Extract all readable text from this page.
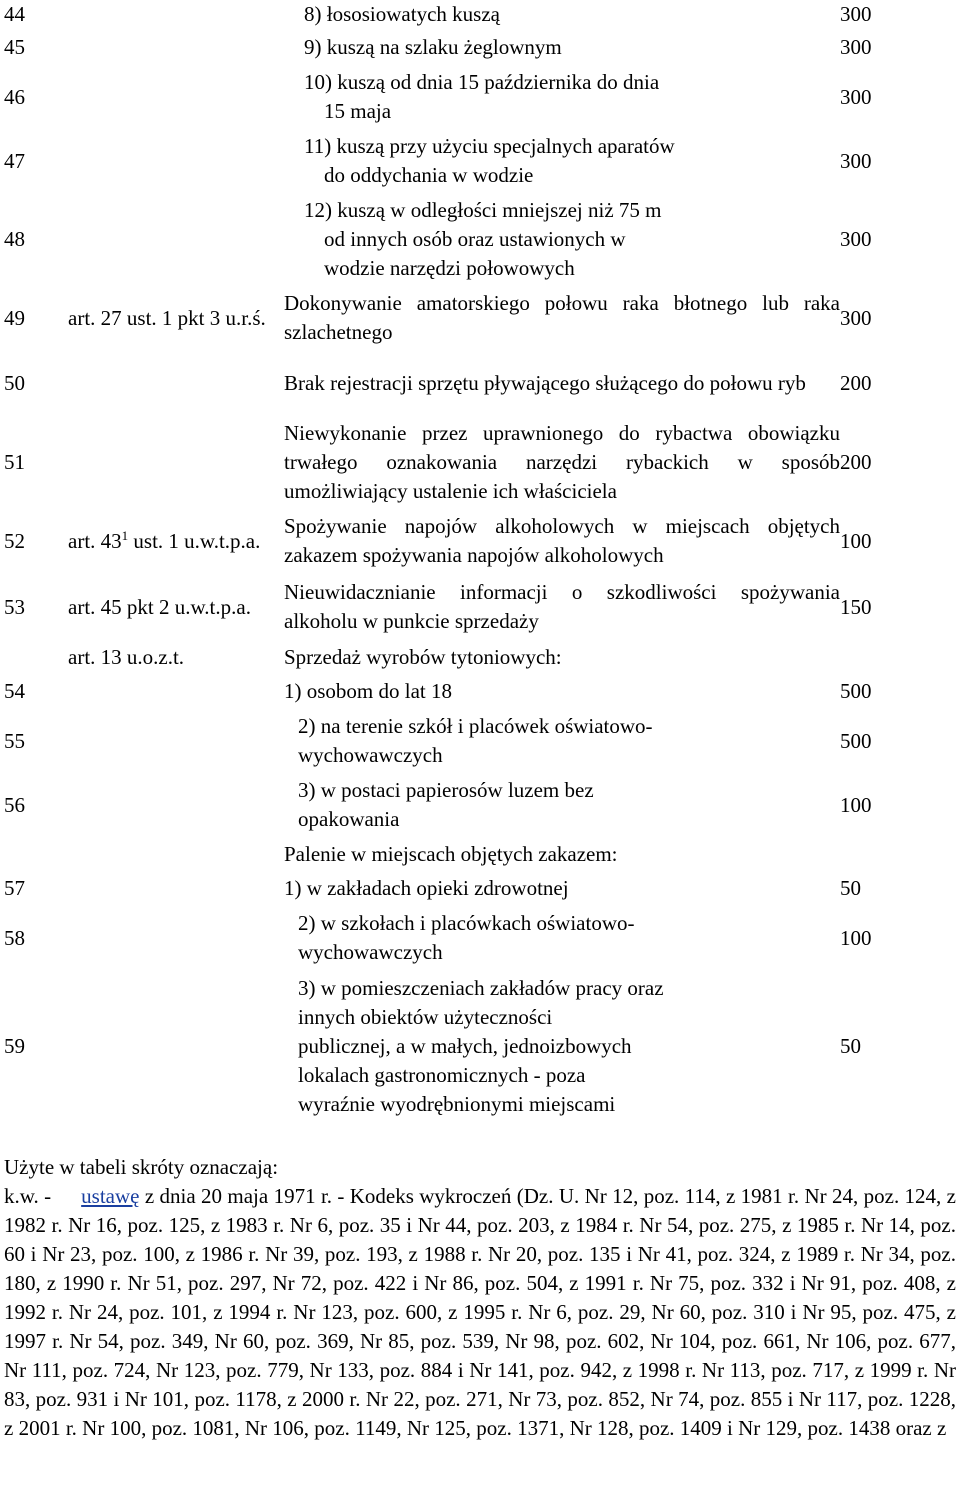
44		8) łososiowatych kuszą	300
45		9) kuszą na szlaku żeglownym	300
46		10) kuszą od dnia 15 października do dnia
15 maja	300
47		11) kuszą przy użyciu specjalnych aparatów
do oddychania w wodzie	300
48		12) kuszą w odległości mniejszej niż 75 m
od innych osób oraz ustawionych w
wodzie narzędzi połowowych	300
49	art. 27 ust. 1 pkt 3 u.r.ś.	Dokonywanie amatorskiego połowu raka błotnego lub raka szlachetnego	300
50		Brak rejestracji sprzętu pływającego służącego do połowu ryb	200
51		Niewykonanie przez uprawnionego do rybactwa obowiązku trwałego oznakowania narzędzi rybackich w sposób umożliwiający ustalenie ich właściciela	200
52	art. $43^1$ ust. 1 u.w.t.p.a.	Spożywanie napojów alkoholowych w miejscach objętych zakazem spożywania napojów alkoholowych	100
53	art. 45 pkt 2 u.w.t.p.a.	Nieuwidacznianie informacji o szkodliwości spożywania alkoholu w punkcie sprzedaży	150
	art. 13 u.o.z.t.	Sprzedaż wyrobów tytoniowych:	
54		1) osobom do lat 18	500
55		2) na terenie szkół i placówek oświatowo-
wychowawczych	500
56		3) w postaci papierosów luzem bez
opakowania	100
		Palenie w miejscach objętych zakazem:	
57		1) w zakładach opieki zdrowotnej	50
58		2) w szkołach i placówkach oświatowo-
wychowawczych	100
59		3) w pomieszczeniach zakładów pracy oraz
innych obiektów użyteczności
publicznej, a w małych, jednoizbowych
lokalach gastronomicznych - poza
wyraźnie wyodrębnionymi miejscami	50
Użyte w tabeli skróty oznaczają:
k.w. - ustawę z dnia 20 maja 1971 r. - Kodeks wykroczeń (Dz. U. Nr 12, poz. 114, z 1981 r. Nr 24, poz. 124, z 1982 r. Nr 16, poz. 125, z 1983 r. Nr 6, poz. 35 i Nr 44, poz. 203, z 1984 r. Nr 54, poz. 275, z 1985 r. Nr 14, poz. 60 i Nr 23, poz. 100, z 1986 r. Nr 39, poz. 193, z 1988 r. Nr 20, poz. 135 i Nr 41, poz. 324, z 1989 r. Nr 34, poz. 180, z 1990 r. Nr 51, poz. 297, Nr 72, poz. 422 i Nr 86, poz. 504, z 1991 r. Nr 75, poz. 332 i Nr 91, poz. 408, z 1992 r. Nr 24, poz. 101, z 1994 r. Nr 123, poz. 600, z 1995 r. Nr 6, poz. 29, Nr 60, poz. 310 i Nr 95, poz. 475, z 1997 r. Nr 54, poz. 349, Nr 60, poz. 369, Nr 85, poz. 539, Nr 98, poz. 602, Nr 104, poz. 661, Nr 106, poz. 677, Nr 111, poz. 724, Nr 123, poz. 779, Nr 133, poz. 884 i Nr 141, poz. 942, z 1998 r. Nr 113, poz. 717, z 1999 r. Nr 83, poz. 931 i Nr 101, poz. 1178, z 2000 r. Nr 22, poz. 271, Nr 73, poz. 852, Nr 74, poz. 855 i Nr 117, poz. 1228, z 2001 r. Nr 100, poz. 1081, Nr 106, poz. 1149, Nr 125, poz. 1371, Nr 128, poz. 1409 i Nr 129, poz. 1438 oraz z
